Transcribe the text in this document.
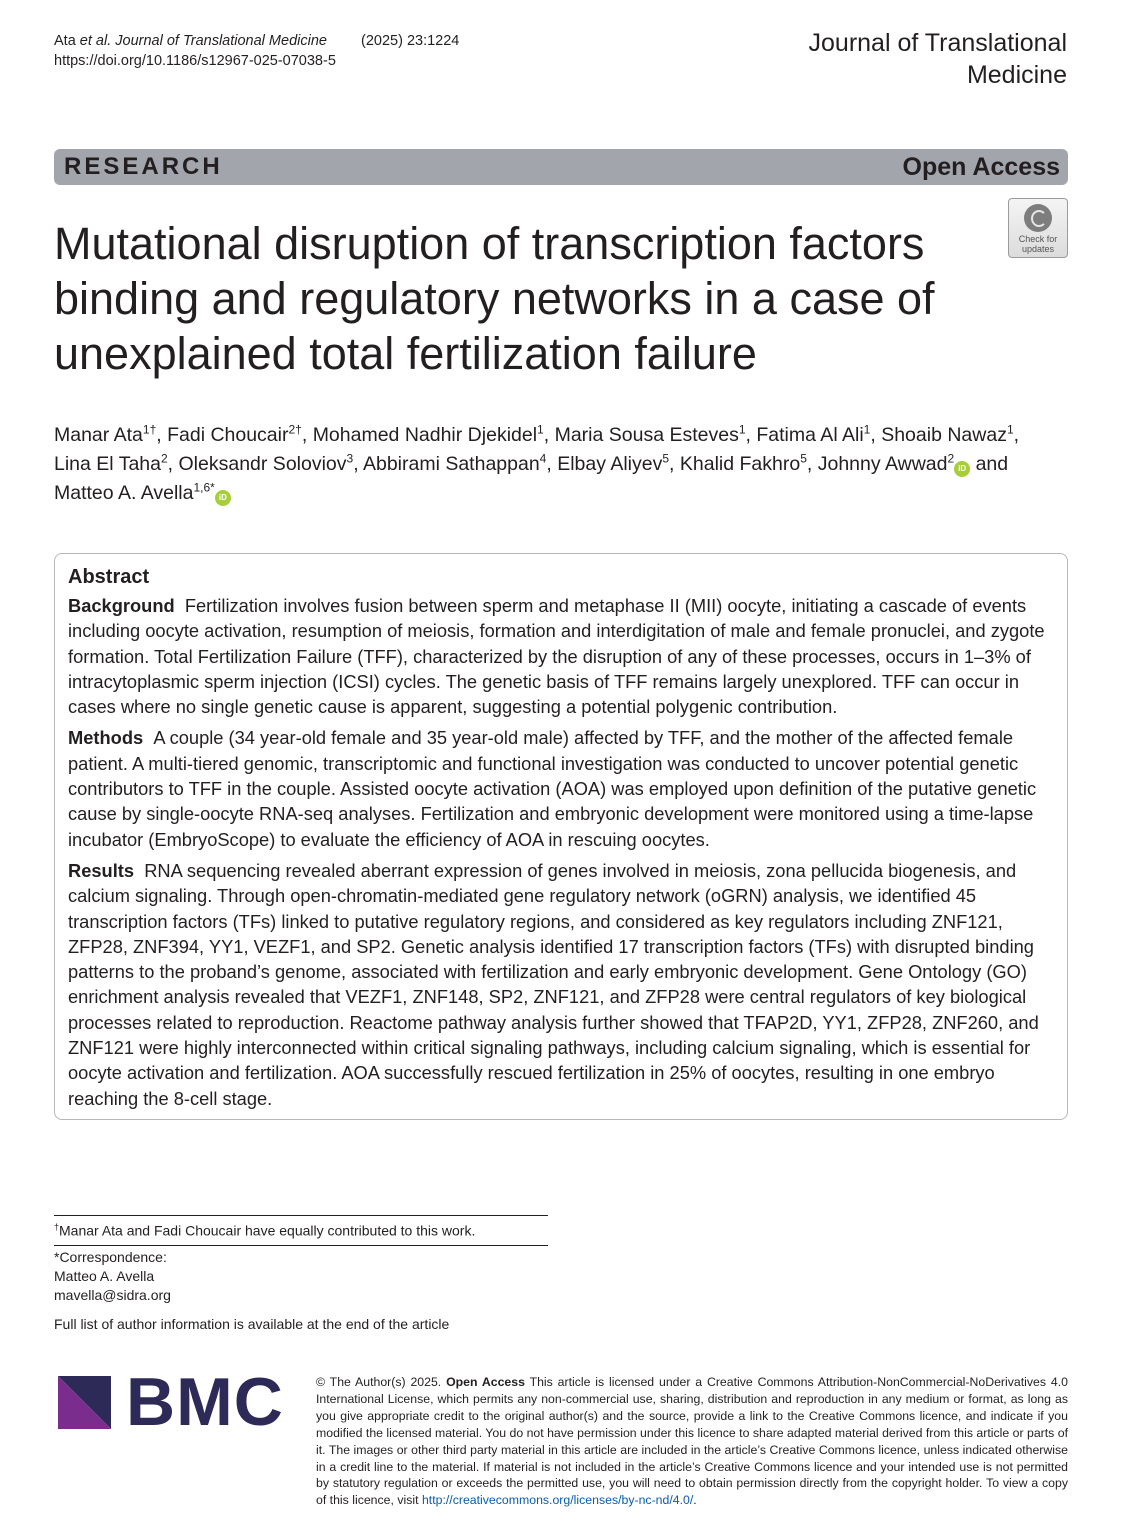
Ata et al. Journal of Translational Medicine (2025) 23:1224
https://doi.org/10.1186/s12967-025-07038-5
Journal of Translational
Medicine
RESEARCH	Open Access
Mutational disruption of transcription factors binding and regulatory networks in a case of unexplained total fertilization failure
Check for
updates
Manar Ata$^{1\dagger}$, Fadi Choucair$^{2\dagger}$, Mohamed Nadhir Djekidel$^1$, Maria Sousa Esteves$^1$, Fatima Al Ali$^1$, Shoaib Nawaz$^1$,
Lina El Taha$^2$, Oleksandr Soloviov$^3$, Abbirami Sathappan$^4$, Elbay Aliyev$^5$, Khalid Fakhro$^5$, Johnny Awwad$^2$iD and
Matteo A. Avella$^{1,6*}$iD
Abstract

Background Fertilization involves fusion between sperm and metaphase II (MII) oocyte, initiating a cascade of events including oocyte activation, resumption of meiosis, formation and interdigitation of male and female pronuclei, and zygote formation. Total Fertilization Failure (TFF), characterized by the disruption of any of these processes, occurs in 1–3% of intracytoplasmic sperm injection (ICSI) cycles. The genetic basis of TFF remains largely unexplored. TFF can occur in cases where no single genetic cause is apparent, suggesting a potential polygenic contribution.

Methods A couple (34 year-old female and 35 year-old male) affected by TFF, and the mother of the affected female patient. A multi-tiered genomic, transcriptomic and functional investigation was conducted to uncover potential genetic contributors to TFF in the couple. Assisted oocyte activation (AOA) was employed upon definition of the putative genetic cause by single-oocyte RNA-seq analyses. Fertilization and embryonic development were monitored using a time-lapse incubator (EmbryoScope) to evaluate the efficiency of AOA in rescuing oocytes.

Results RNA sequencing revealed aberrant expression of genes involved in meiosis, zona pellucida biogenesis, and calcium signaling. Through open-chromatin-mediated gene regulatory network (oGRN) analysis, we identified 45 transcription factors (TFs) linked to putative regulatory regions, and considered as key regulators including ZNF121, ZFP28, ZNF394, YY1, VEZF1, and SP2. Genetic analysis identified 17 transcription factors (TFs) with disrupted binding patterns to the proband’s genome, associated with fertilization and early embryonic development. Gene Ontology (GO) enrichment analysis revealed that VEZF1, ZNF148, SP2, ZNF121, and ZFP28 were central regulators of key biological processes related to reproduction. Reactome pathway analysis further showed that TFAP2D, YY1, ZFP28, ZNF260, and ZNF121 were highly interconnected within critical signaling pathways, including calcium signaling, which is essential for oocyte activation and fertilization. AOA successfully rescued fertilization in 25% of oocytes, resulting in one embryo reaching the 8-cell stage.

†Manar Ata and Fadi Choucair have equally contributed to this work.
*Correspondence:
Matteo A. Avella
mavella@sidra.org
Full list of author information is available at the end of the article
BMC	© The Author(s) 2025. Open Access This article is licensed under a Creative Commons Attribution-NonCommercial-NoDerivatives 4.0 International License, which permits any non-commercial use, sharing, distribution and reproduction in any medium or format, as long as you give appropriate credit to the original author(s) and the source, provide a link to the Creative Commons licence, and indicate if you modified the licensed material. You do not have permission under this licence to share adapted material derived from this article or parts of it. The images or other third party material in this article are included in the article’s Creative Commons licence, unless indicated otherwise in a credit line to the material. If material is not included in the article’s Creative Commons licence and your intended use is not permitted by statutory regulation or exceeds the permitted use, you will need to obtain permission directly from the copyright holder. To view a copy of this licence, visit http://creativecommons.org/licenses/by-nc-nd/4.0/.
